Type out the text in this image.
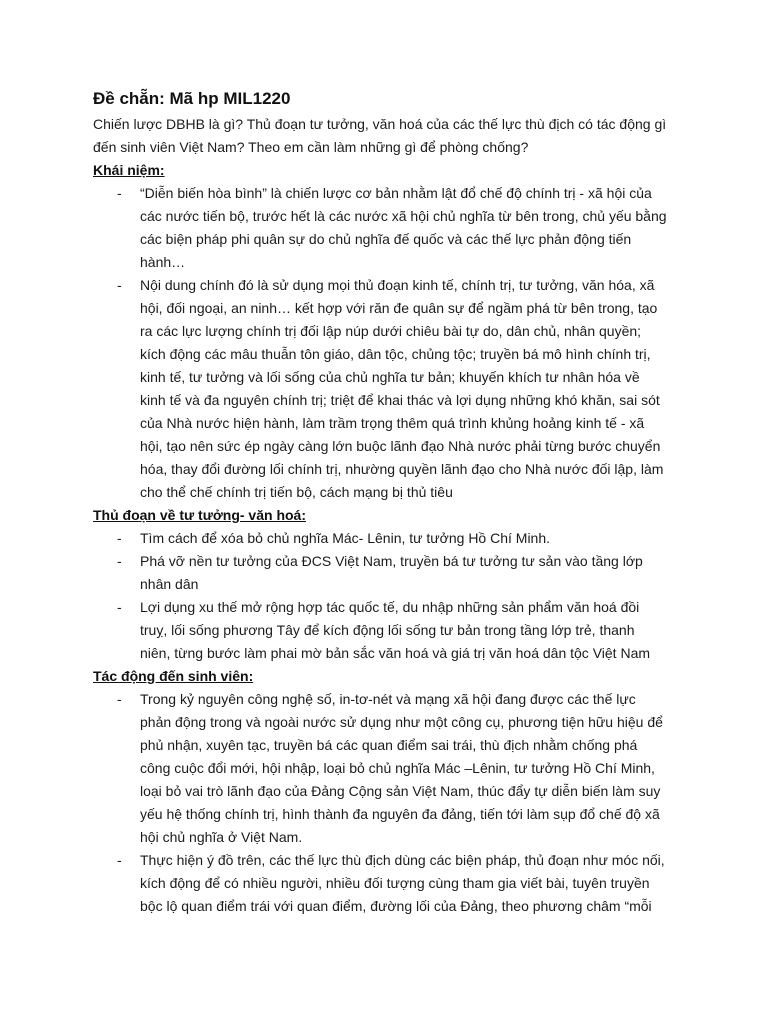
Đề chẵn: Mã hp MIL1220
Chiến lược DBHB là gì? Thủ đoạn tư tưởng, văn hoá của các thế lực thù địch có tác động gì
đến sinh viên Việt Nam? Theo em cần làm những gì để phòng chống?
Khái niệm:
- “Diễn biến hòa bình” là chiến lược cơ bản nhằm lật đổ chế độ chính trị - xã hội của
các nước tiến bộ, trước hết là các nước xã hội chủ nghĩa từ bên trong, chủ yếu bằng
các biện pháp phi quân sự do chủ nghĩa đế quốc và các thế lực phản động tiến
hành…
- Nội dung chính đó là sử dụng mọi thủ đoạn kinh tế, chính trị, tư tưởng, văn hóa, xã
hội, đối ngoại, an ninh… kết hợp với răn đe quân sự để ngầm phá từ bên trong, tạo
ra các lực lượng chính trị đối lập núp dưới chiêu bài tự do, dân chủ, nhân quyền;
kích động các mâu thuẫn tôn giáo, dân tộc, chủng tộc; truyền bá mô hình chính trị,
kinh tế, tư tưởng và lối sống của chủ nghĩa tư bản; khuyến khích tư nhân hóa về
kinh tế và đa nguyên chính trị; triệt để khai thác và lợi dụng những khó khăn, sai sót
của Nhà nước hiện hành, làm trầm trọng thêm quá trình khủng hoảng kinh tế - xã
hội, tạo nên sức ép ngày càng lớn buộc lãnh đạo Nhà nước phải từng bước chuyển
hóa, thay đổi đường lối chính trị, nhường quyền lãnh đạo cho Nhà nước đối lập, làm
cho thể chế chính trị tiến bộ, cách mạng bị thủ tiêu
Thủ đoạn về tư tưởng- văn hoá:
- Tìm cách để xóa bỏ chủ nghĩa Mác- Lênin, tư tưởng Hồ Chí Minh.
- Phá vỡ nền tư tưởng của ĐCS Việt Nam, truyền bá tư tưởng tư sản vào tầng lớp
nhân dân
- Lợi dụng xu thế mở rộng hợp tác quốc tế, du nhập những sản phẩm văn hoá đồi
truỵ, lối sống phương Tây để kích động lối sống tư bản trong tầng lớp trẻ, thanh
niên, từng bước làm phai mờ bản sắc văn hoá và giá trị văn hoá dân tộc Việt Nam
Tác động đến sinh viên:
- Trong kỷ nguyên công nghệ số, in-tơ-nét và mạng xã hội đang được các thế lực
phản động trong và ngoài nước sử dụng như một công cụ, phương tiện hữu hiệu để
phủ nhận, xuyên tạc, truyền bá các quan điểm sai trái, thù địch nhằm chống phá
công cuộc đổi mới, hội nhập, loại bỏ chủ nghĩa Mác –Lênin, tư tưởng Hồ Chí Minh,
loại bỏ vai trò lãnh đạo của Đảng Cộng sản Việt Nam, thúc đẩy tự diễn biến làm suy
yếu hệ thống chính trị, hình thành đa nguyên đa đảng, tiến tới làm sụp đổ chế độ xã
hội chủ nghĩa ở Việt Nam.
- Thực hiện ý đồ trên, các thế lực thù địch dùng các biện pháp, thủ đoạn như móc nối,
kích động để có nhiều người, nhiều đối tượng cùng tham gia viết bài, tuyên truyền
bộc lộ quan điểm trái với quan điểm, đường lối của Đảng, theo phương châm “mỗi
